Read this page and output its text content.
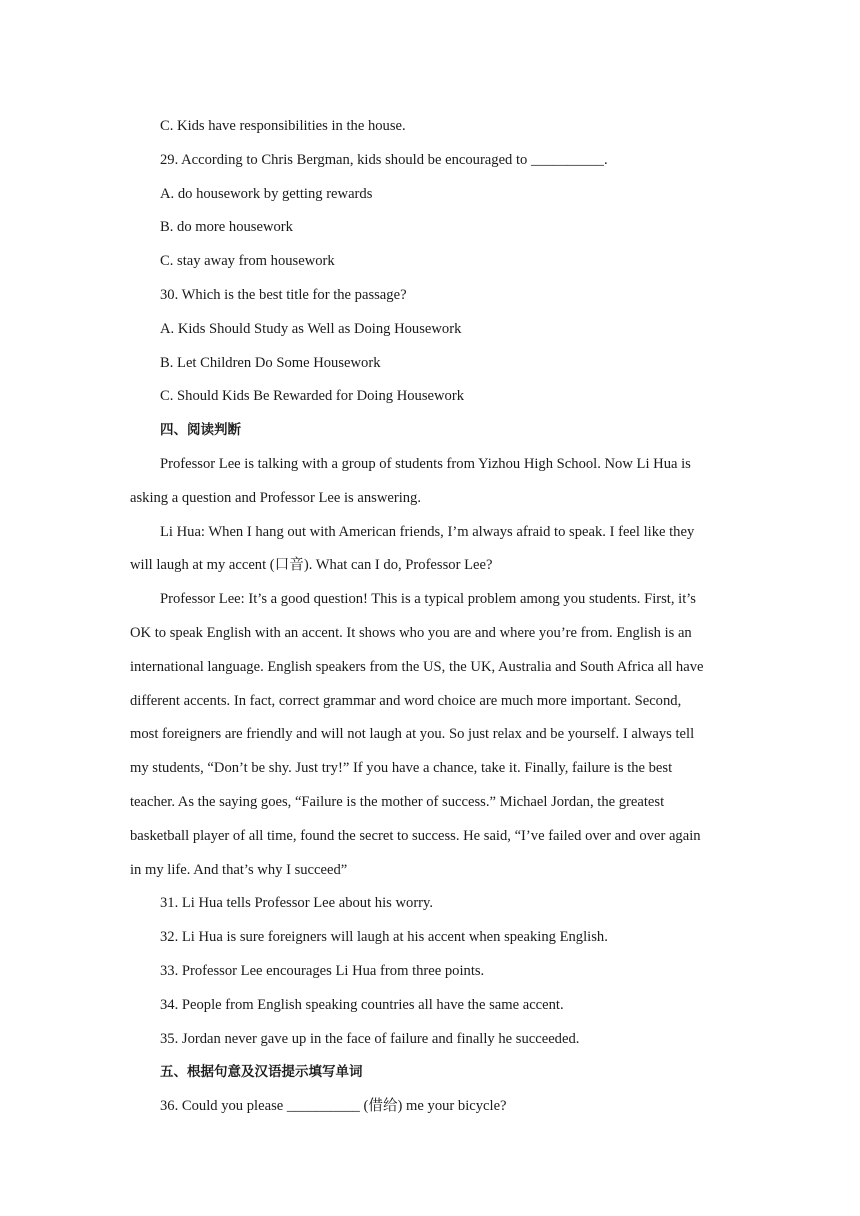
C. Kids have responsibilities in the house.
29. According to Chris Bergman, kids should be encouraged to __________.
A. do housework by getting rewards
B. do more housework
C. stay away from housework
30. Which is the best title for the passage?
A. Kids Should Study as Well as Doing Housework
B. Let Children Do Some Housework
C. Should Kids Be Rewarded for Doing Housework
四、阅读判断
Professor Lee is talking with a group of students from Yizhou High School. Now Li Hua is
asking a question and Professor Lee is answering.
Li Hua: When I hang out with American friends, I’m always afraid to speak. I feel like they
will laugh at my accent (口音). What can I do, Professor Lee?
Professor Lee: It’s a good question! This is a typical problem among you students. First, it’s
OK to speak English with an accent. It shows who you are and where you’re from. English is an
international language. English speakers from the US, the UK, Australia and South Africa all have
different accents. In fact, correct grammar and word choice are much more important. Second,
most foreigners are friendly and will not laugh at you. So just relax and be yourself. I always tell
my students, “Don’t be shy. Just try!” If you have a chance, take it. Finally, failure is the best
teacher. As the saying goes, “Failure is the mother of success.” Michael Jordan, the greatest
basketball player of all time, found the secret to success. He said, “I’ve failed over and over again
in my life. And that’s why I succeed”
31. Li Hua tells Professor Lee about his worry.
32. Li Hua is sure foreigners will laugh at his accent when speaking English.
33. Professor Lee encourages Li Hua from three points.
34. People from English speaking countries all have the same accent.
35. Jordan never gave up in the face of failure and finally he succeeded.
五、根据句意及汉语提示填写单词
36. Could you please __________ (借给) me your bicycle?
